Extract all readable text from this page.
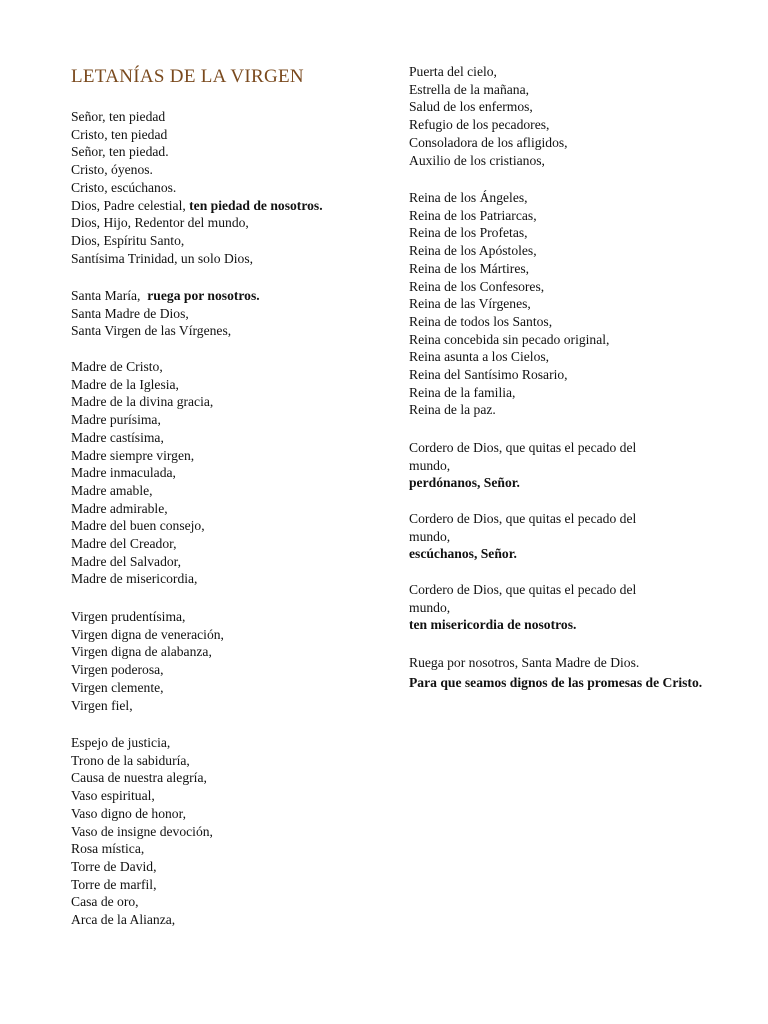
LETANÍAS DE LA VIRGEN
Señor, ten piedad
Cristo, ten piedad
Señor, ten piedad.
Cristo, óyenos.
Cristo, escúchanos.
Dios, Padre celestial, ten piedad de nosotros.
Dios, Hijo, Redentor del mundo,
Dios, Espíritu Santo,
Santísima Trinidad, un solo Dios,
Santa María,  ruega por nosotros.
Santa Madre de Dios,
Santa Virgen de las Vírgenes,
Madre de Cristo,
Madre de la Iglesia,
Madre de la divina gracia,
Madre purísima,
Madre castísima,
Madre siempre virgen,
Madre inmaculada,
Madre amable,
Madre admirable,
Madre del buen consejo,
Madre del Creador,
Madre del Salvador,
Madre de misericordia,
Virgen prudentísima,
Virgen digna de veneración,
Virgen digna de alabanza,
Virgen poderosa,
Virgen clemente,
Virgen fiel,
Espejo de justicia,
Trono de la sabiduría,
Causa de nuestra alegría,
Vaso espiritual,
Vaso digno de honor,
Vaso de insigne devoción,
Rosa mística,
Torre de David,
Torre de marfil,
Casa de oro,
Arca de la Alianza,
Puerta del cielo,
Estrella de la mañana,
Salud de los enfermos,
Refugio de los pecadores,
Consoladora de los afligidos,
Auxilio de los cristianos,
Reina de los Ángeles,
Reina de los Patriarcas,
Reina de los Profetas,
Reina de los Apóstoles,
Reina de los Mártires,
Reina de los Confesores,
Reina de las Vírgenes,
Reina de todos los Santos,
Reina concebida sin pecado original,
Reina asunta a los Cielos,
Reina del Santísimo Rosario,
Reina de la familia,
Reina de la paz.
Cordero de Dios, que quitas el pecado del
mundo,
perdónanos, Señor.
Cordero de Dios, que quitas el pecado del
mundo,
escúchanos, Señor.
Cordero de Dios, que quitas el pecado del
mundo,
ten misericordia de nosotros.
Ruega por nosotros, Santa Madre de Dios.
Para que seamos dignos de las promesas de Cristo.
